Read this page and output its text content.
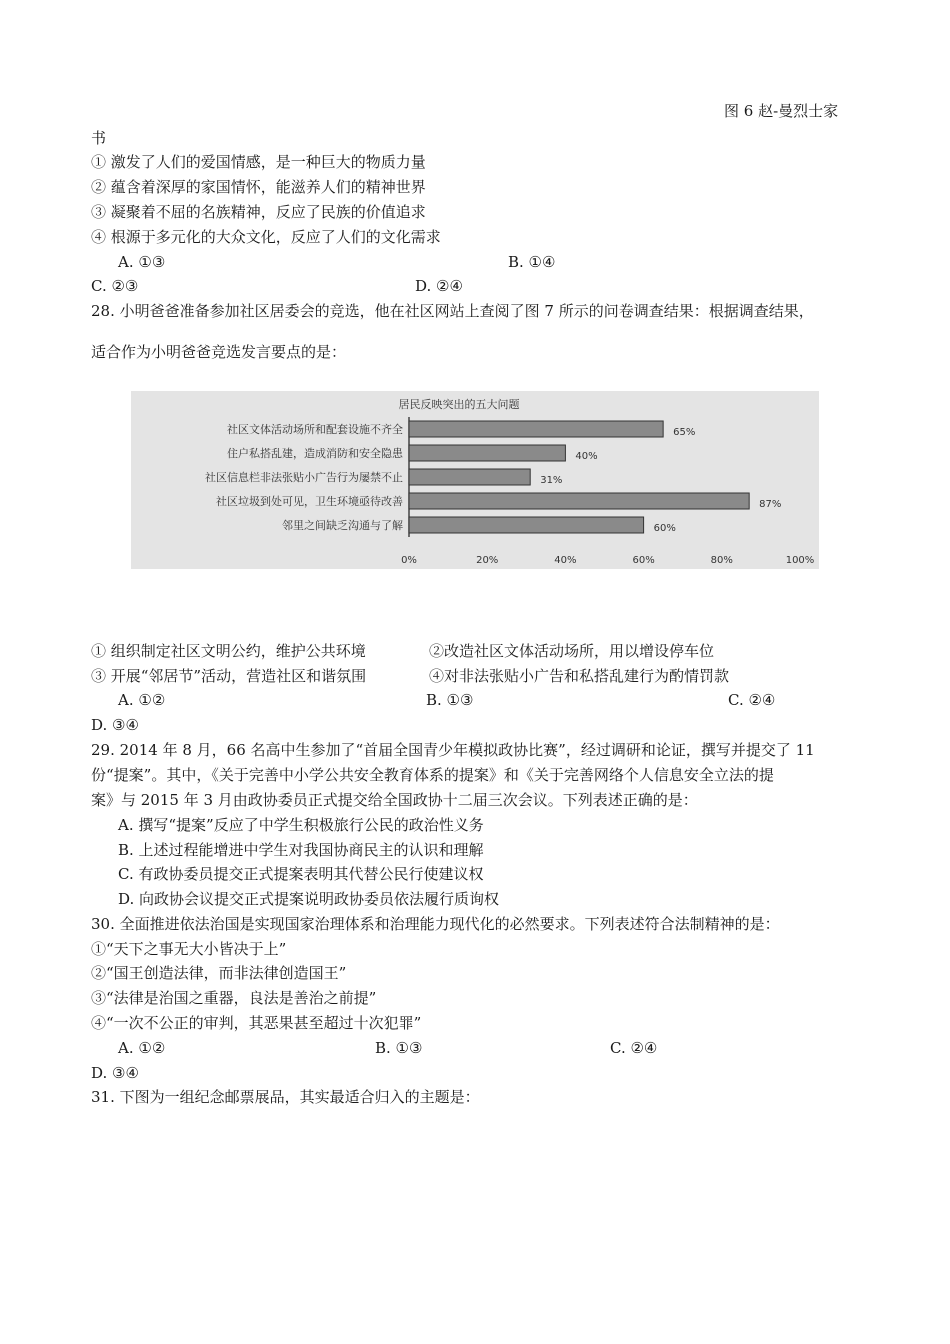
图 6 赵-曼烈士家
书
① 激发了人们的爱国情感，是一种巨大的物质力量
② 蕴含着深厚的家国情怀，能滋养人们的精神世界
③ 凝聚着不屈的名族精神，反应了民族的价值追求
④ 根源于多元化的大众文化，反应了人们的文化需求
A. ①③	B. ①④
C. ②③	D. ②④
28. 小明爸爸准备参加社区居委会的竞选，他在社区网站上查阅了图 7 所示的问卷调查结果：根据调查结果，
适合作为小明爸爸竞选发言要点的是：
居民反映突出的五大问题
社区文体活动场所和配套设施不齐全	65%
住户私搭乱建，造成消防和安全隐患	40%
社区信息栏非法张贴小广告行为屡禁不止	31%
社区垃圾到处可见，卫生环境亟待改善	87%
邻里之间缺乏沟通与了解	60%
0%	20%	40%	60%	80%	100%
① 组织制定社区文明公约，维护公共环境	②改造社区文体活动场所，用以增设停车位
③ 开展“邻居节”活动，营造社区和谐氛围	④对非法张贴小广告和私搭乱建行为酌情罚款
A. ①②	B. ①③	C. ②④
D. ③④
29. 2014 年 8 月，66 名高中生参加了“首届全国青少年模拟政协比赛”，经过调研和论证，撰写并提交了 11
份“提案”。其中，《关于完善中小学公共安全教育体系的提案》和《关于完善网络个人信息安全立法的提
案》与 2015 年 3 月由政协委员正式提交给全国政协十二届三次会议。下列表述正确的是：
A. 撰写“提案”反应了中学生积极旅行公民的政治性义务
B. 上述过程能增进中学生对我国协商民主的认识和理解
C. 有政协委员提交正式提案表明其代替公民行使建议权
D. 向政协会议提交正式提案说明政协委员依法履行质询权
30. 全面推进依法治国是实现国家治理体系和治理能力现代化的必然要求。下列表述符合法制精神的是：
①“天下之事无大小皆决于上”
②“国王创造法律，而非法律创造国王”
③“法律是治国之重器，良法是善治之前提”
④“一次不公正的审判，其恶果甚至超过十次犯罪”
A. ①②	B. ①③	C. ②④
D. ③④
31. 下图为一组纪念邮票展品，其实最适合归入的主题是：
